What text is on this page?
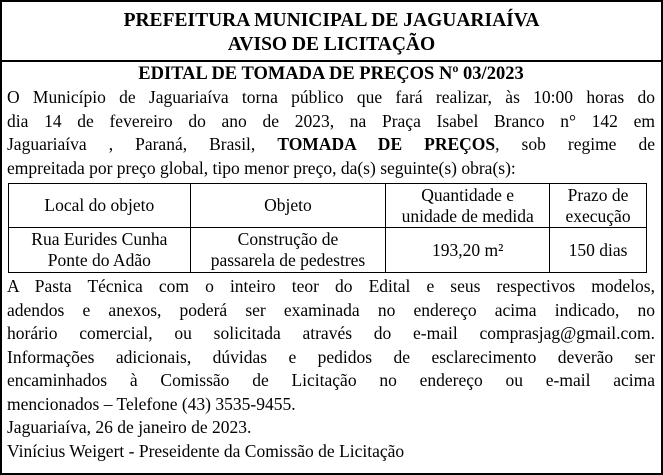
PREFEITURA MUNICIPAL DE JAGUARIAÍVA
AVISO DE LICITAÇÃO
EDITAL DE TOMADA DE PREÇOS Nº 03/2023

O Município de Jaguariaíva torna público que fará realizar, às 10:00 horas do

dia 14 de fevereiro do ano de 2023, na Praça Isabel Branco n° 142 em

Jaguariaíva , Paraná, Brasil, TOMADA DE PREÇOS, sob regime de

empreitada por preço global, tipo menor preço, da(s) seguinte(s) obra(s):

Local do objeto	Objeto	Quantidade e
unidade de medida	Prazo de
execução
Rua Eurides Cunha
Ponte do Adão	Construção de
passarela de pedestres	193,20 m²	150 dias

A Pasta Técnica com o inteiro teor do Edital e seus respectivos modelos,

adendos e anexos, poderá ser examinada no endereço acima indicado, no

horário comercial, ou solicitada através do e-mail comprasjag@gmail.com.

Informações adicionais, dúvidas e pedidos de esclarecimento deverão ser

encaminhados à Comissão de Licitação no endereço ou e-mail acima

mencionados – Telefone (43) 3535-9455.

Jaguariaíva, 26 de janeiro de 2023.

Vinícius Weigert - Preseidente da Comissão de Licitação
